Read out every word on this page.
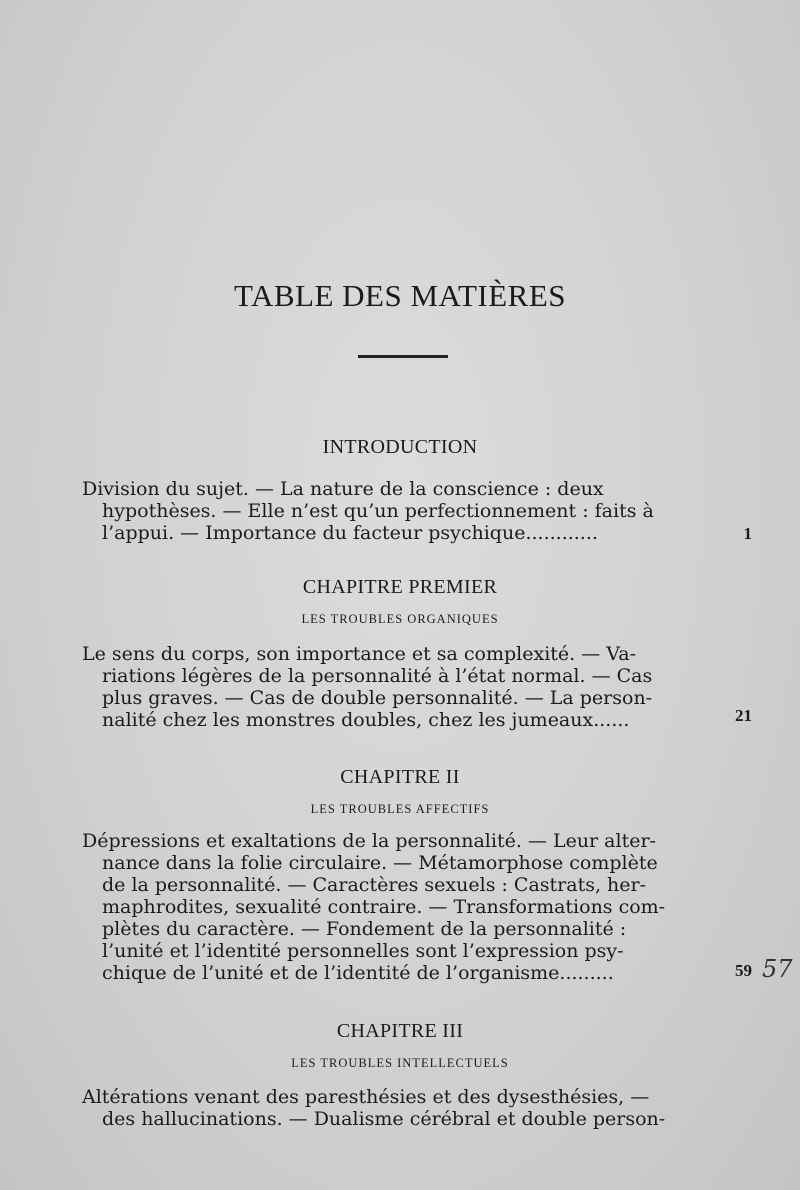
TABLE DES MATIÈRES
INTRODUCTION
Division du sujet. — La nature de la conscience : deux
hypothèses. — Elle n’est qu’un perfectionnement : faits à
l’appui. — Importance du facteur psychique............	1
CHAPITRE PREMIER
LES TROUBLES ORGANIQUES
Le sens du corps, son importance et sa complexité. — Va-
riations légères de la personnalité à l’état normal. — Cas
plus graves. — Cas de double personnalité. — La person-
nalité chez les monstres doubles, chez les jumeaux......	21
CHAPITRE II
LES TROUBLES AFFECTIFS
Dépressions et exaltations de la personnalité. — Leur alter-
nance dans la folie circulaire. — Métamorphose complète
de la personnalité. — Caractères sexuels : Castrats, her-
maphrodites, sexualité contraire. — Transformations com-
plètes du caractère. — Fondement de la personnalité :
l’unité et l’identité personnelles sont l’expression psy-
chique de l’unité et de l’identité de l’organisme.........	59 57
CHAPITRE III
LES TROUBLES INTELLECTUELS
Altérations venant des paresthésies et des dysesthésies, —
des hallucinations. — Dualisme cérébral et double person-
